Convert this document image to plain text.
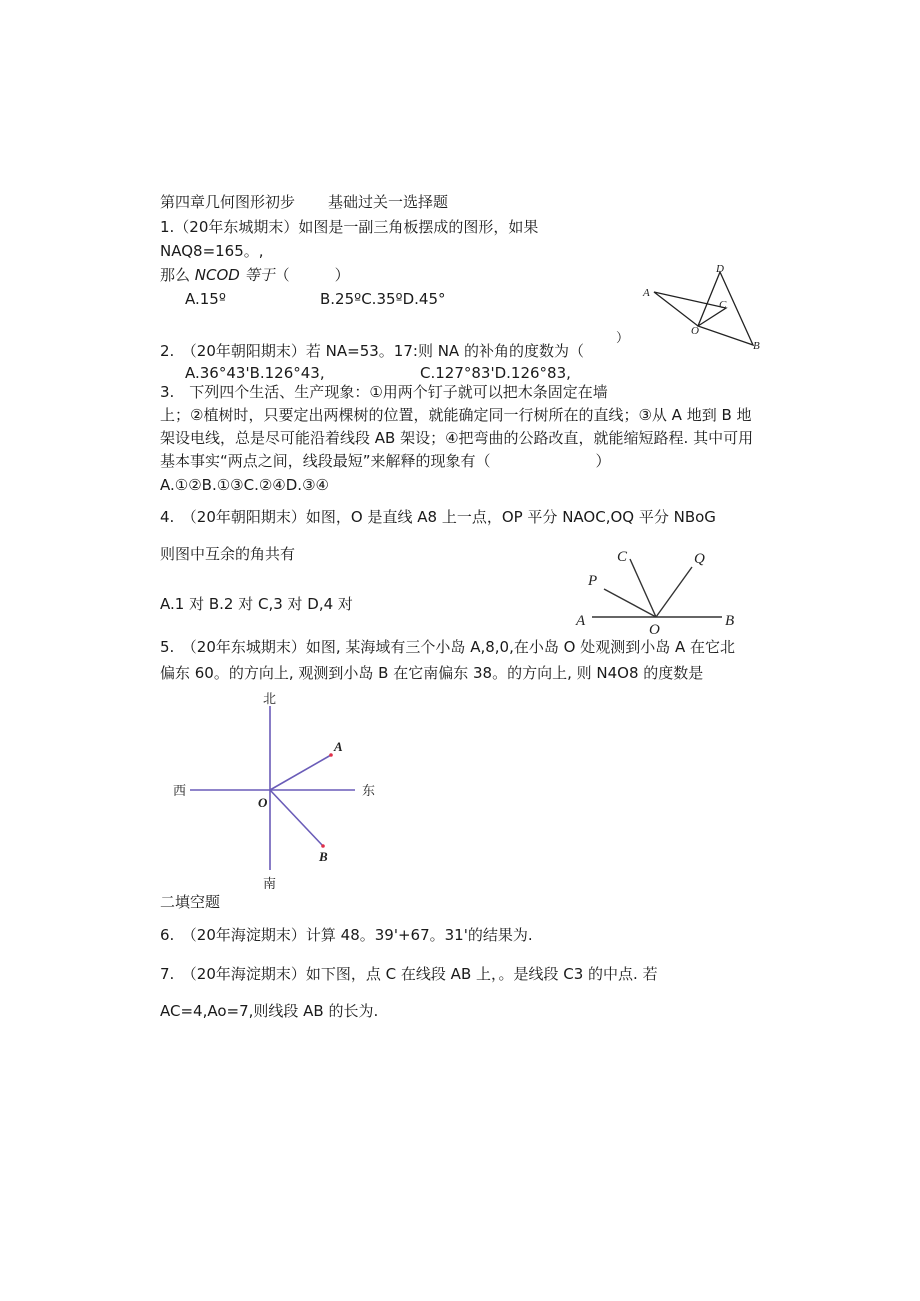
第四章几何图形初步 基础过关一选择题
1.（20年东城期末）如图是一副三角板摆成的图形，如果
NAQ8=165。,
那么 NCOD 等于（　　　）
A.15º	B.25ºC.35ºD.45°
D
A
C
O
B
）
2.　（20年朝阳期末）若 NA=53。17:则 NA 的补角的度数为（
A.36°43'B.126°43,	C.127°83'D.126°83,
3.　下列四个生活、生产现象：①用两个钉子就可以把木条固定在墙
上；②植树时，只要定出两棵树的位置，就能确定同一行树所在的直线；③从 A 地到 B 地
架设电线，总是尽可能沿着线段 AB 架设；④把弯曲的公路改直，就能缩短路程. 其中可用
基本事实“两点之间，线段最短”来解释的现象有（　　　　　　　）
A.①②B.①③C.②④D.③④
4.　（20年朝阳期末）如图，O 是直线 A8 上一点，OP 平分 NAOC,OQ 平分 NBoG
则图中互余的角共有
A.1 对 B.2 对 C,3 对 D,4 对
C	Q
P
A
O
B
5.　（20年东城期末）如图, 某海域有三个小岛 A,8,0,在小岛 O 处观测到小岛 A 在它北
偏东 60。的方向上, 观测到小岛 B 在它南偏东 38。的方向上, 则 N4O8 的度数是
北
南
西	东
A
O
B
二填空题
6.　（20年海淀期末）计算 48。39'+67。31'的结果为.
7.　（20年海淀期末）如下图，点 C 在线段 AB 上，。是线段 C3 的中点. 若
AC=4,Ao=7,则线段 AB 的长为.
